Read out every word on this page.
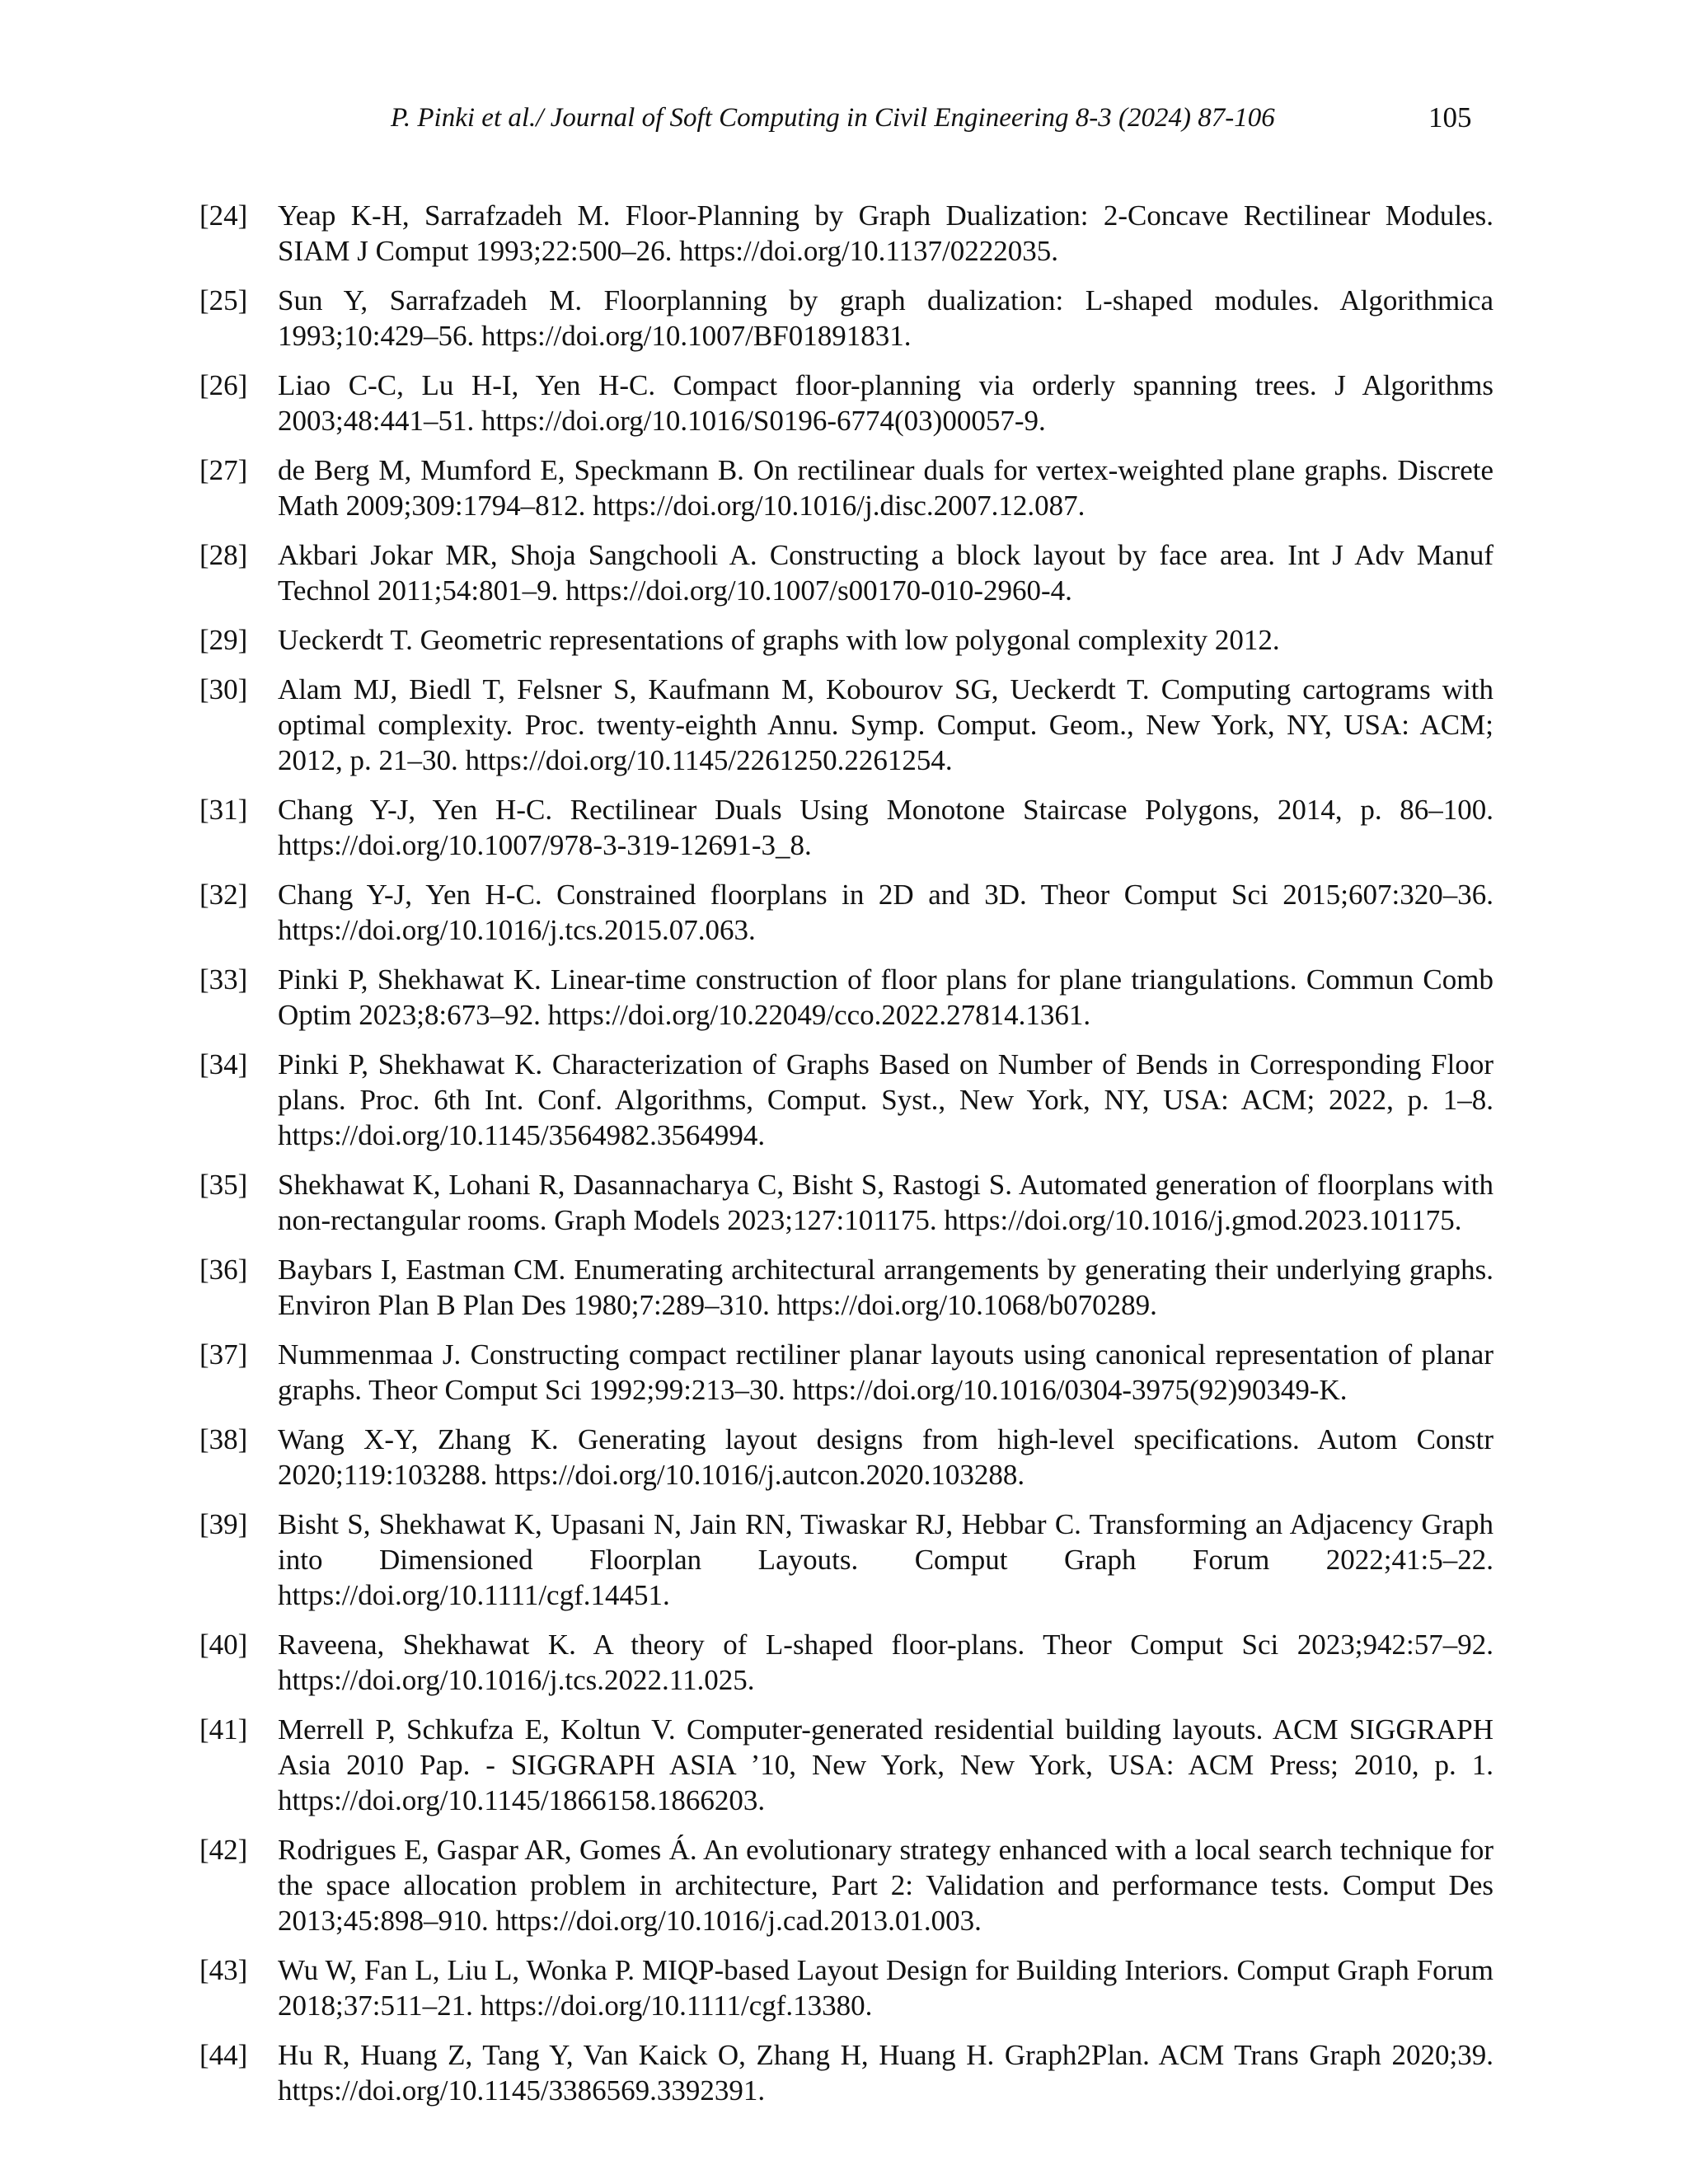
P. Pinki et al./ Journal of Soft Computing in Civil Engineering 8-3 (2024) 87-106	105
[24] Yeap K-H, Sarrafzadeh M. Floor-Planning by Graph Dualization: 2-Concave Rectilinear Modules. SIAM J Comput 1993;22:500–26. https://doi.org/10.1137/0222035.
[25] Sun Y, Sarrafzadeh M. Floorplanning by graph dualization: L-shaped modules. Algorithmica 1993;10:429–56. https://doi.org/10.1007/BF01891831.
[26] Liao C-C, Lu H-I, Yen H-C. Compact floor-planning via orderly spanning trees. J Algorithms 2003;48:441–51. https://doi.org/10.1016/S0196-6774(03)00057-9.
[27] de Berg M, Mumford E, Speckmann B. On rectilinear duals for vertex-weighted plane graphs. Discrete Math 2009;309:1794–812. https://doi.org/10.1016/j.disc.2007.12.087.
[28] Akbari Jokar MR, Shoja Sangchooli A. Constructing a block layout by face area. Int J Adv Manuf Technol 2011;54:801–9. https://doi.org/10.1007/s00170-010-2960-4.
[29] Ueckerdt T. Geometric representations of graphs with low polygonal complexity 2012.
[30] Alam MJ, Biedl T, Felsner S, Kaufmann M, Kobourov SG, Ueckerdt T. Computing cartograms with optimal complexity. Proc. twenty-eighth Annu. Symp. Comput. Geom., New York, NY, USA: ACM; 2012, p. 21–30. https://doi.org/10.1145/2261250.2261254.
[31] Chang Y-J, Yen H-C. Rectilinear Duals Using Monotone Staircase Polygons, 2014, p. 86–100. https://doi.org/10.1007/978-3-319-12691-3_8.
[32] Chang Y-J, Yen H-C. Constrained floorplans in 2D and 3D. Theor Comput Sci 2015;607:320–36. https://doi.org/10.1016/j.tcs.2015.07.063.
[33] Pinki P, Shekhawat K. Linear-time construction of floor plans for plane triangulations. Commun Comb Optim 2023;8:673–92. https://doi.org/10.22049/cco.2022.27814.1361.
[34] Pinki P, Shekhawat K. Characterization of Graphs Based on Number of Bends in Corresponding Floor plans. Proc. 6th Int. Conf. Algorithms, Comput. Syst., New York, NY, USA: ACM; 2022, p. 1–8. https://doi.org/10.1145/3564982.3564994.
[35] Shekhawat K, Lohani R, Dasannacharya C, Bisht S, Rastogi S. Automated generation of floorplans with non-rectangular rooms. Graph Models 2023;127:101175. https://doi.org/10.1016/j.gmod.2023.101175.
[36] Baybars I, Eastman CM. Enumerating architectural arrangements by generating their underlying graphs. Environ Plan B Plan Des 1980;7:289–310. https://doi.org/10.1068/b070289.
[37] Nummenmaa J. Constructing compact rectiliner planar layouts using canonical representation of planar graphs. Theor Comput Sci 1992;99:213–30. https://doi.org/10.1016/0304-3975(92)90349-K.
[38] Wang X-Y, Zhang K. Generating layout designs from high-level specifications. Autom Constr 2020;119:103288. https://doi.org/10.1016/j.autcon.2020.103288.
[39] Bisht S, Shekhawat K, Upasani N, Jain RN, Tiwaskar RJ, Hebbar C. Transforming an Adjacency Graph into Dimensioned Floorplan Layouts. Comput Graph Forum 2022;41:5–22. https://doi.org/10.1111/cgf.14451.
[40] Raveena, Shekhawat K. A theory of L-shaped floor-plans. Theor Comput Sci 2023;942:57–92. https://doi.org/10.1016/j.tcs.2022.11.025.
[41] Merrell P, Schkufza E, Koltun V. Computer-generated residential building layouts. ACM SIGGRAPH Asia 2010 Pap. - SIGGRAPH ASIA ’10, New York, New York, USA: ACM Press; 2010, p. 1. https://doi.org/10.1145/1866158.1866203.
[42] Rodrigues E, Gaspar AR, Gomes Á. An evolutionary strategy enhanced with a local search technique for the space allocation problem in architecture, Part 2: Validation and performance tests. Comput Des 2013;45:898–910. https://doi.org/10.1016/j.cad.2013.01.003.
[43] Wu W, Fan L, Liu L, Wonka P. MIQP-based Layout Design for Building Interiors. Comput Graph Forum 2018;37:511–21. https://doi.org/10.1111/cgf.13380.
[44] Hu R, Huang Z, Tang Y, Van Kaick O, Zhang H, Huang H. Graph2Plan. ACM Trans Graph 2020;39. https://doi.org/10.1145/3386569.3392391.
